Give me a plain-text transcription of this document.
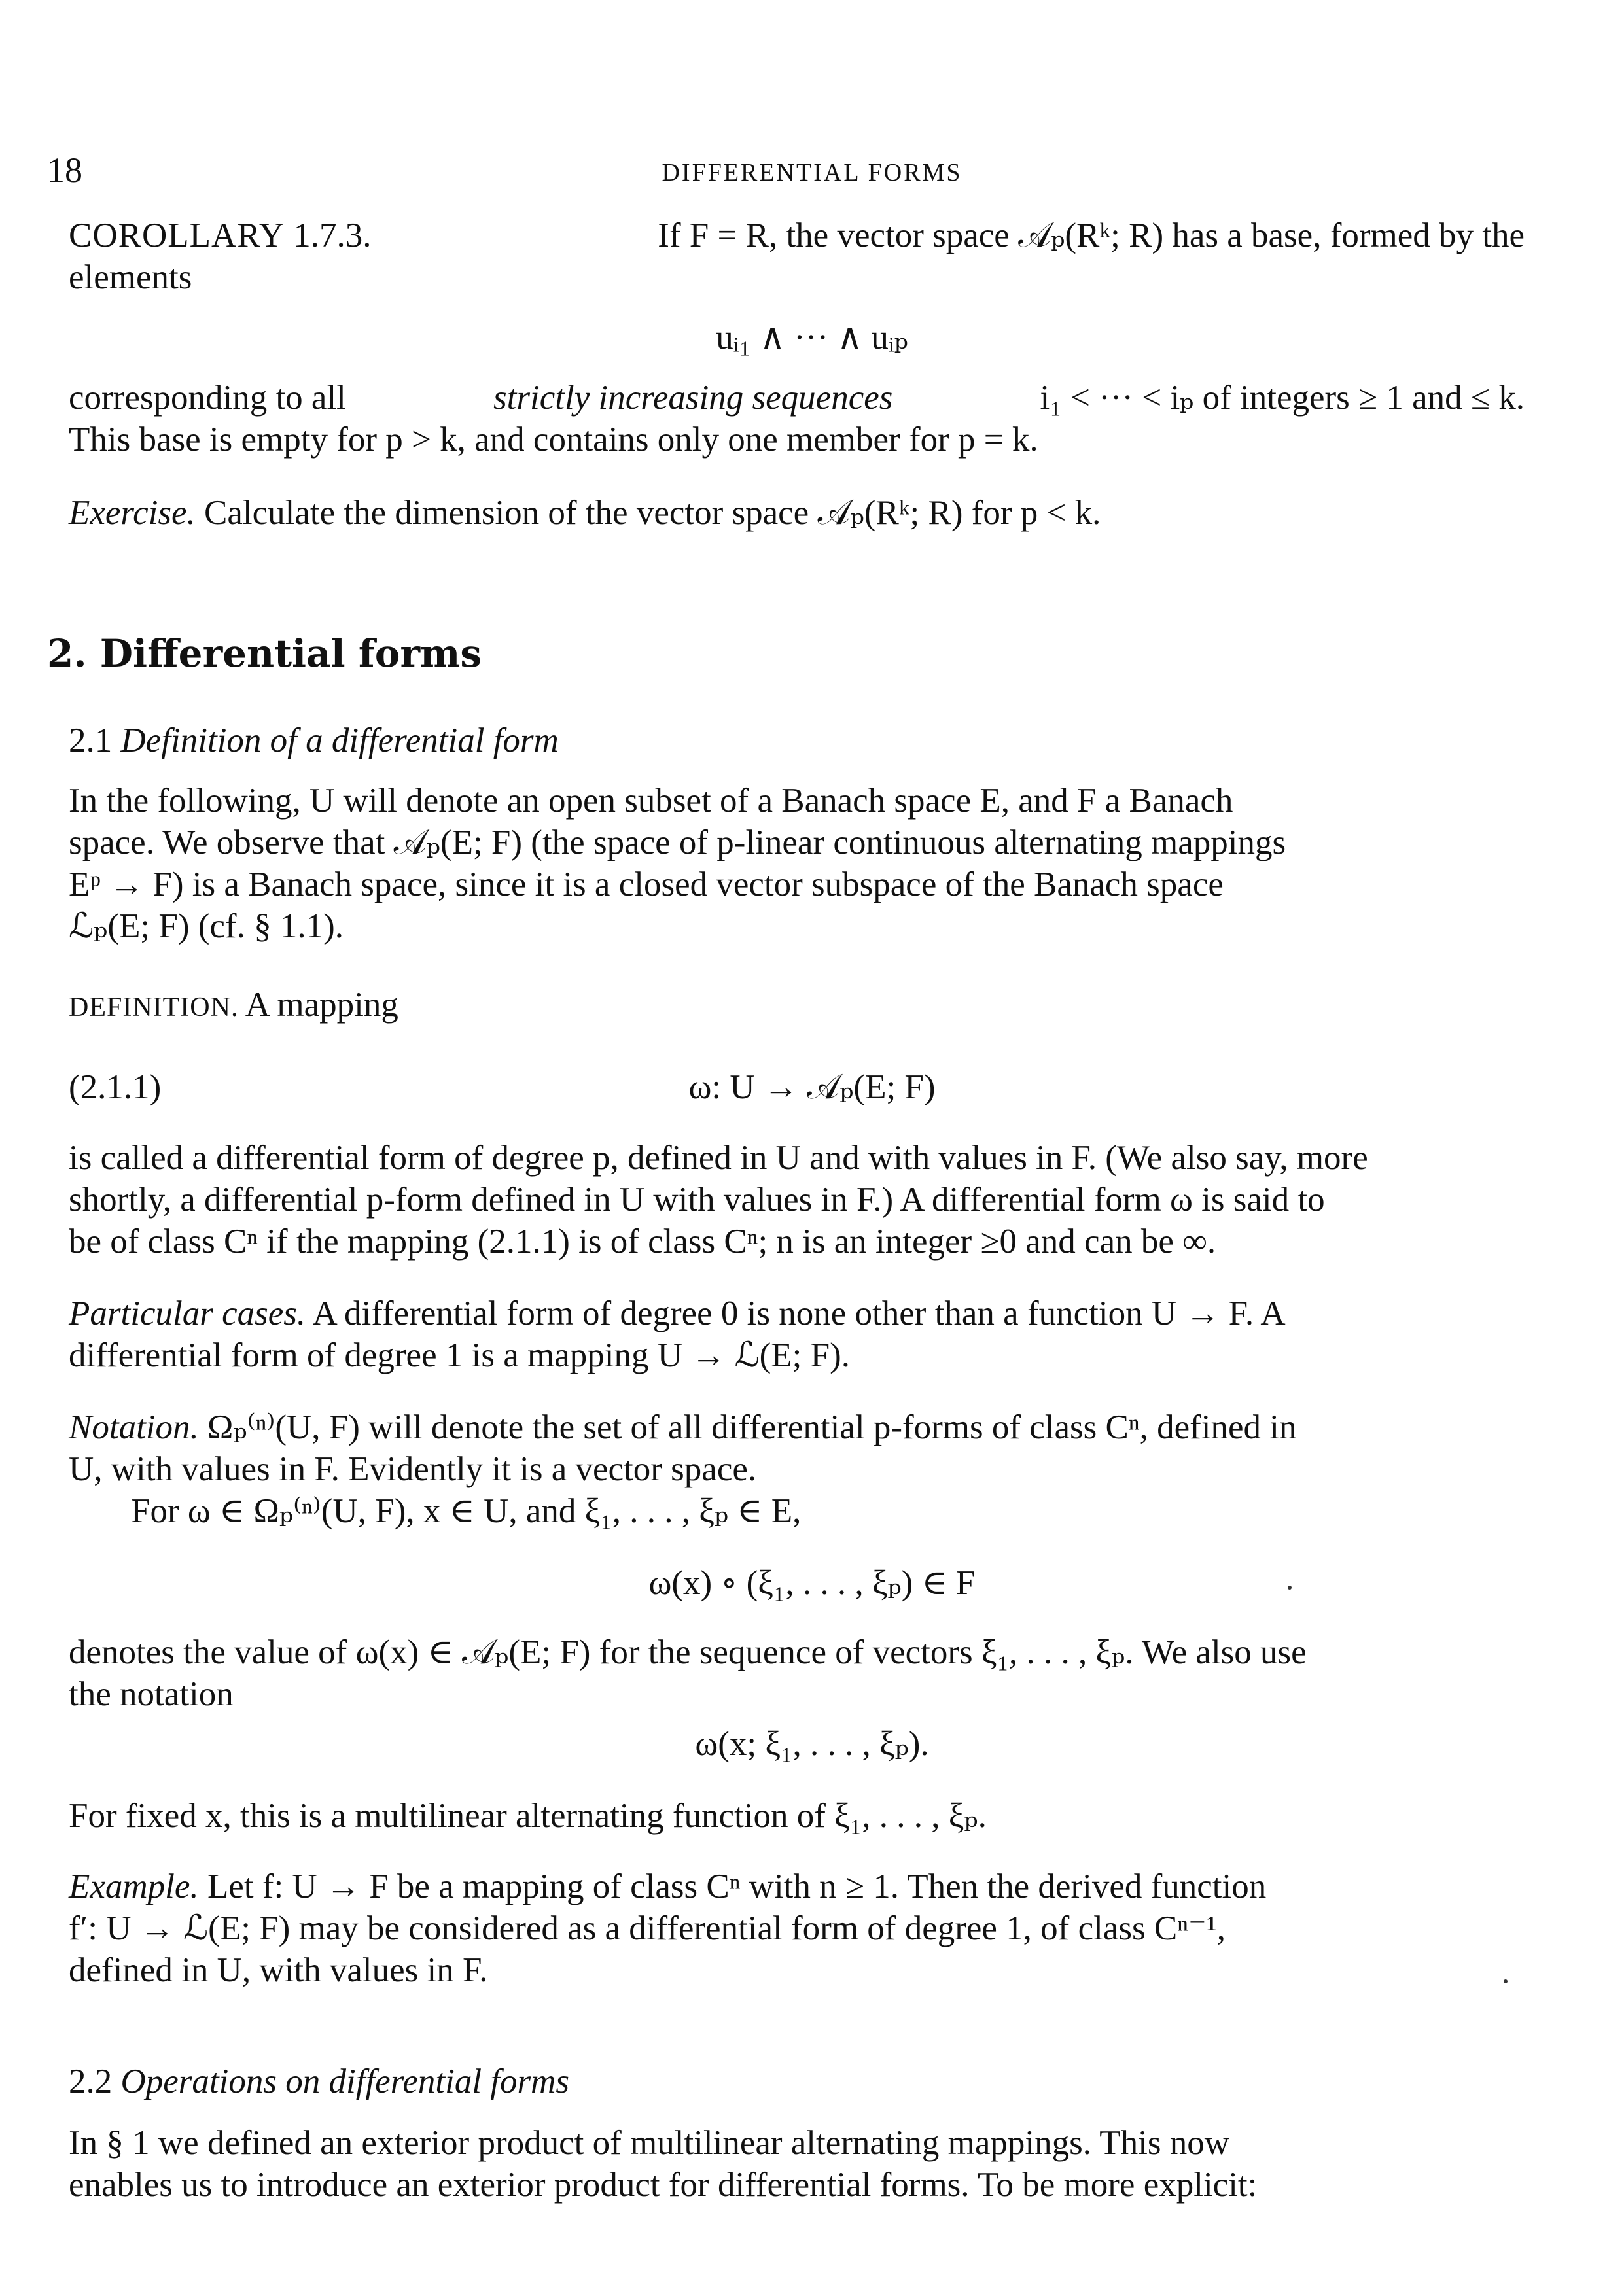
18	DIFFERENTIAL FORMS
COROLLARY 1.7.3.	If F = R, the vector space 𝒜ₚ(Rᵏ; R) has a base, formed by the
elements
uᵢ₁ ∧ ··· ∧ uᵢₚ
corresponding to all	strictly increasing sequences	i₁ < ··· < iₚ of integers ≥ 1 and ≤ k.
This base is empty for p > k, and contains only one member for p = k.
Exercise. Calculate the dimension of the vector space 𝒜ₚ(Rᵏ; R) for p < k.
2. Differential forms
2.1 Definition of a differential form
In the following, U will denote an open subset of a Banach space E, and F a Banach
space. We observe that 𝒜ₚ(E; F) (the space of p-linear continuous alternating mappings
Eᵖ → F) is a Banach space, since it is a closed vector subspace of the Banach space
ℒₚ(E; F) (cf. § 1.1).
DEFINITION. A mapping
(2.1.1)	ω: U → 𝒜ₚ(E; F)
is called a differential form of degree p, defined in U and with values in F. (We also say, more
shortly, a differential p-form defined in U with values in F.) A differential form ω is said to
be of class Cⁿ if the mapping (2.1.1) is of class Cⁿ; n is an integer ≥0 and can be ∞.
Particular cases. A differential form of degree 0 is none other than a function U → F. A
differential form of degree 1 is a mapping U → ℒ(E; F).
Notation. Ωₚ⁽ⁿ⁾(U, F) will denote the set of all differential p-forms of class Cⁿ, defined in
U, with values in F. Evidently it is a vector space.
For ω ∈ Ωₚ⁽ⁿ⁾(U, F), x ∈ U, and ξ₁, . . . , ξₚ ∈ E,
ω(x) ∘ (ξ₁, . . . , ξₚ) ∈ F
denotes the value of ω(x) ∈ 𝒜ₚ(E; F) for the sequence of vectors ξ₁, . . . , ξₚ. We also use
the notation
ω(x; ξ₁, . . . , ξₚ).
For fixed x, this is a multilinear alternating function of ξ₁, . . . , ξₚ.
Example. Let f: U → F be a mapping of class Cⁿ with n ≥ 1. Then the derived function
f′: U → ℒ(E; F) may be considered as a differential form of degree 1, of class Cⁿ⁻¹,
defined in U, with values in F.
2.2 Operations on differential forms
In § 1 we defined an exterior product of multilinear alternating mappings. This now
enables us to introduce an exterior product for differential forms. To be more explicit:
